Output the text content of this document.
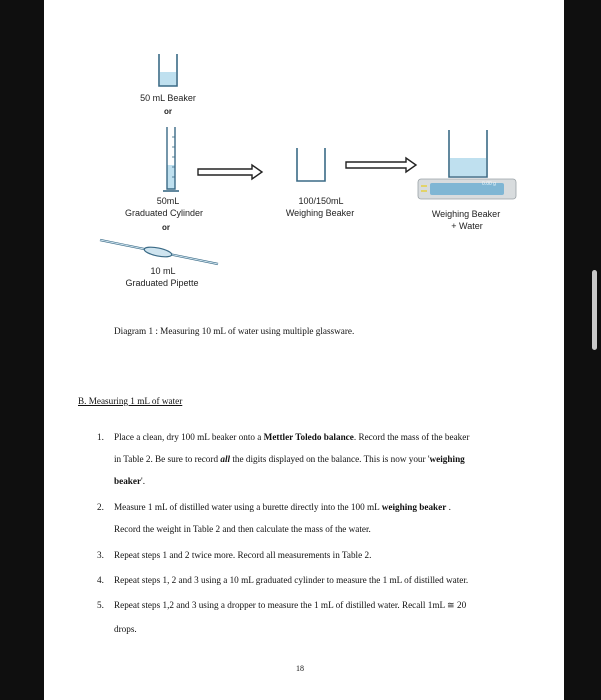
50 mL Beaker
or
50mL
Graduated Cylinder
or
10 mL
Graduated Pipette
100/150mL
Weighing Beaker
0.00 g
Weighing Beaker
+ Water
Diagram 1 : Measuring 10 mL of water using multiple glassware.
B. Measuring 1 mL of water
1. Place a clean, dry 100 mL beaker onto a Mettler Toledo balance. Record the mass of the beaker
in Table 2. Be sure to record all the digits displayed on the balance. This is now your 'weighing
beaker'.
2. Measure 1 mL of distilled water using a burette directly into the 100 mL weighing beaker .
Record the weight in Table 2 and then calculate the mass of the water.
3. Repeat steps 1 and 2 twice more. Record all measurements in Table 2.
4. Repeat steps 1, 2 and 3 using a 10 mL graduated cylinder to measure the 1 mL of distilled water.
5. Repeat steps 1,2 and 3 using a dropper to measure the 1 mL of distilled water. Recall 1mL ≅ 20
drops.
18
